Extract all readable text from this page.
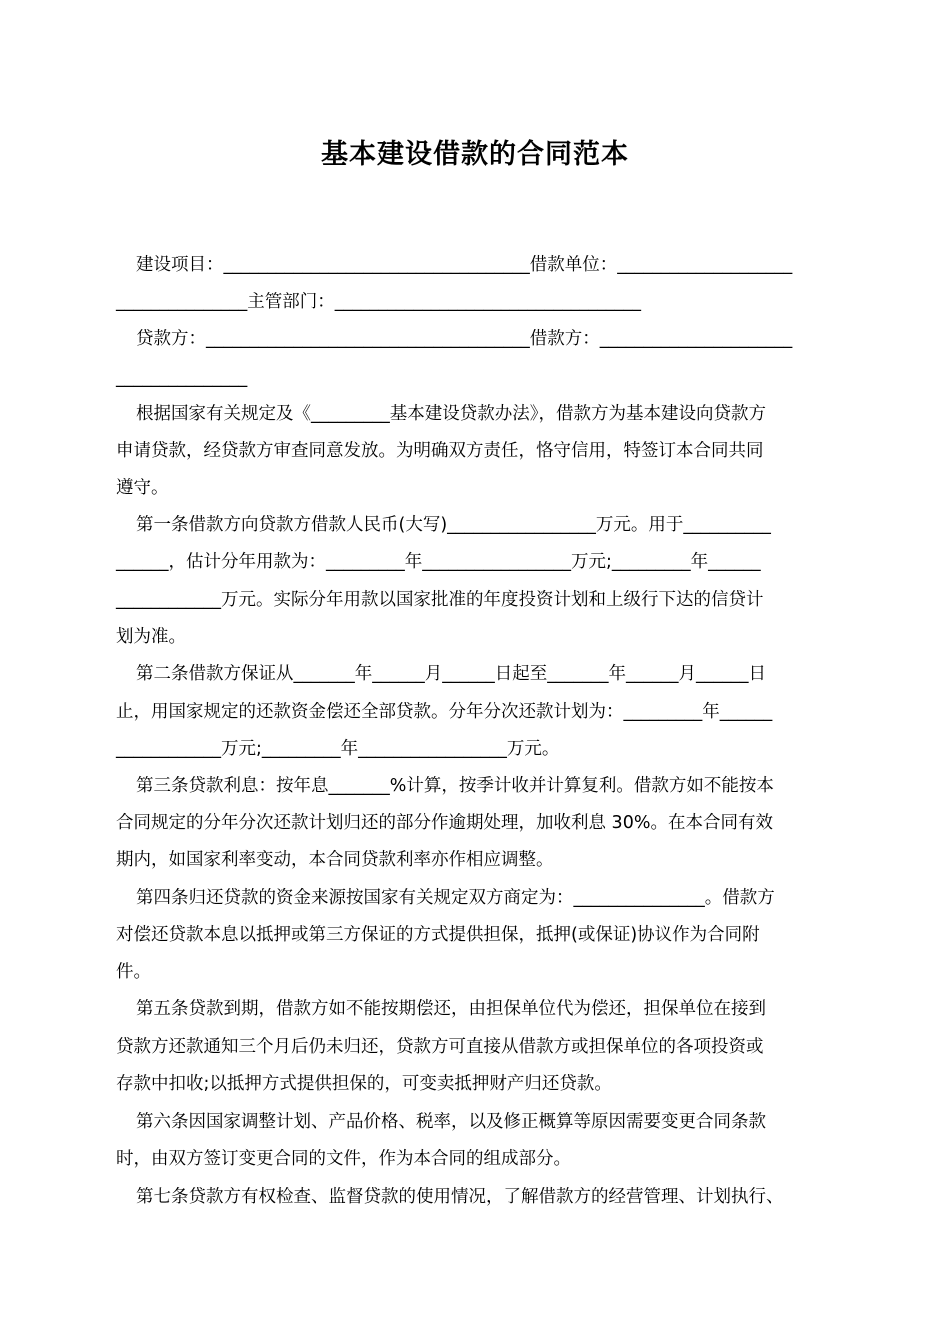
基本建设借款的合同范本
建设项目：___________________________________借款单位：____________________
_______________主管部门：___________________________________
贷款方：_____________________________________借款方：______________________
_______________
根据国家有关规定及《_________基本建设贷款办法》，借款方为基本建设向贷款方
申请贷款，经贷款方审查同意发放。为明确双方责任，恪守信用，特签订本合同共同
遵守。
第一条借款方向贷款方借款人民币(大写)_________________万元。用于__________
______，估计分年用款为：_________年_________________万元;_________年______
____________万元。实际分年用款以国家批准的年度投资计划和上级行下达的信贷计
划为准。
第二条借款方保证从_______年______月______日起至_______年______月______日
止，用国家规定的还款资金偿还全部贷款。分年分次还款计划为：_________年______
____________万元;_________年_________________万元。
第三条贷款利息：按年息_______%计算，按季计收并计算复利。借款方如不能按本
合同规定的分年分次还款计划归还的部分作逾期处理，加收利息 30%。在本合同有效
期内，如国家利率变动，本合同贷款利率亦作相应调整。
第四条归还贷款的资金来源按国家有关规定双方商定为：_______________。借款方
对偿还贷款本息以抵押或第三方保证的方式提供担保，抵押(或保证)协议作为合同附
件。
第五条贷款到期，借款方如不能按期偿还，由担保单位代为偿还，担保单位在接到
贷款方还款通知三个月后仍未归还，贷款方可直接从借款方或担保单位的各项投资或
存款中扣收;以抵押方式提供担保的，可变卖抵押财产归还贷款。
第六条因国家调整计划、产品价格、税率，以及修正概算等原因需要变更合同条款
时，由双方签订变更合同的文件，作为本合同的组成部分。
第七条贷款方有权检查、监督贷款的使用情况，了解借款方的经营管理、计划执行、
